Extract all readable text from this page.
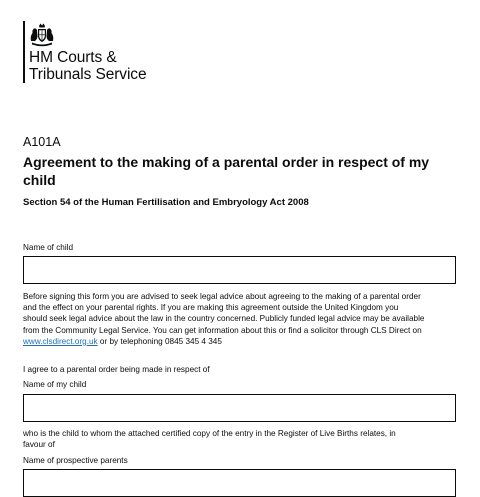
HM Courts &
Tribunals Service
A101A
Agreement to the making of a parental order in respect of my child
Section 54 of the Human Fertilisation and Embryology Act 2008
Name of child
Before signing this form you are advised to seek legal advice about agreeing to the making of a parental order
and the effect on your parental rights. If you are making this agreement outside the United Kingdom you
should seek legal advice about the law in the country concerned. Publicly funded legal advice may be available
from the Community Legal Service. You can get information about this or find a solicitor through CLS Direct on
www.clsdirect.org.uk or by telephoning 0845 345 4 345
I agree to a parental order being made in respect of
Name of my child
who is the child to whom the attached certified copy of the entry in the Register of Live Births relates, in
favour of
Name of prospective parents
